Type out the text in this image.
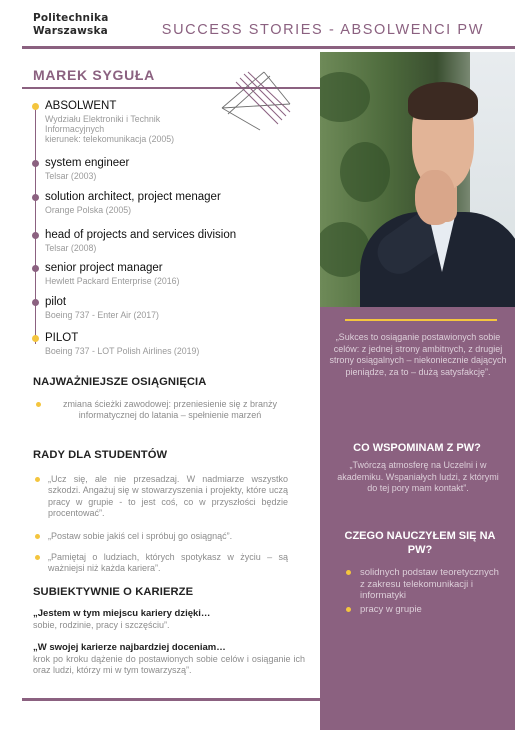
Politechnika
Warszawska	SUCCESS STORIES - ABSOLWENCI PW
MAREK SYGUŁA
ABSOLWENT
Wydziału Elektroniki i Technik
Informacyjnych
kierunek: telekomunikacja (2005)
system engineer
Telsar (2003)
solution architect, project menager
Orange Polska (2005)
head of projects and services division
Telsar (2008)
senior project manager
Hewlett Packard Enterprise (2016)
pilot
Boeing 737 - Enter Air (2017)
PILOT
Boeing 737 - LOT Polish Airlines (2019)
NAJWAŻNIEJSZE OSIĄGNIĘCIA
zmiana ścieżki zawodowej: przeniesienie się z branży informatycznej do latania – spełnienie marzeń
RADY DLA STUDENTÓW
„Ucz się, ale nie przesadzaj. W nadmiarze wszystko szkodzi. Angażuj się w stowarzyszenia i projekty, które uczą pracy w grupie - to jest coś, co w przyszłości będzie procentować”.
„Postaw sobie jakiś cel i spróbuj go osiągnąć”.
„Pamiętaj o ludziach, których spotykasz w życiu – są ważniejsi niż każda kariera”.
SUBIEKTYWNIE O KARIERZE
„Jestem w tym miejscu kariery dzięki…
sobie, rodzinie, pracy i szczęściu”.
„W swojej karierze najbardziej doceniam…
krok po kroku dążenie do postawionych sobie celów i osiąganie ich oraz ludzi, którzy mi w tym towarzyszą”.
„Sukces to osiąganie postawionych sobie celów: z jednej strony ambitnych, z drugiej strony osiągalnych – niekoniecznie dających pieniądze, za to – dużą satysfakcję”.
CO WSPOMINAM Z PW?
„Twórczą atmosferę na Uczelni i w akademiku. Wspaniałych ludzi, z którymi do tej pory mam kontakt”.
CZEGO NAUCZYŁEM SIĘ NA PW?
solidnych podstaw teoretycznych z zakresu telekomunikacji i informatyki
pracy w grupie
